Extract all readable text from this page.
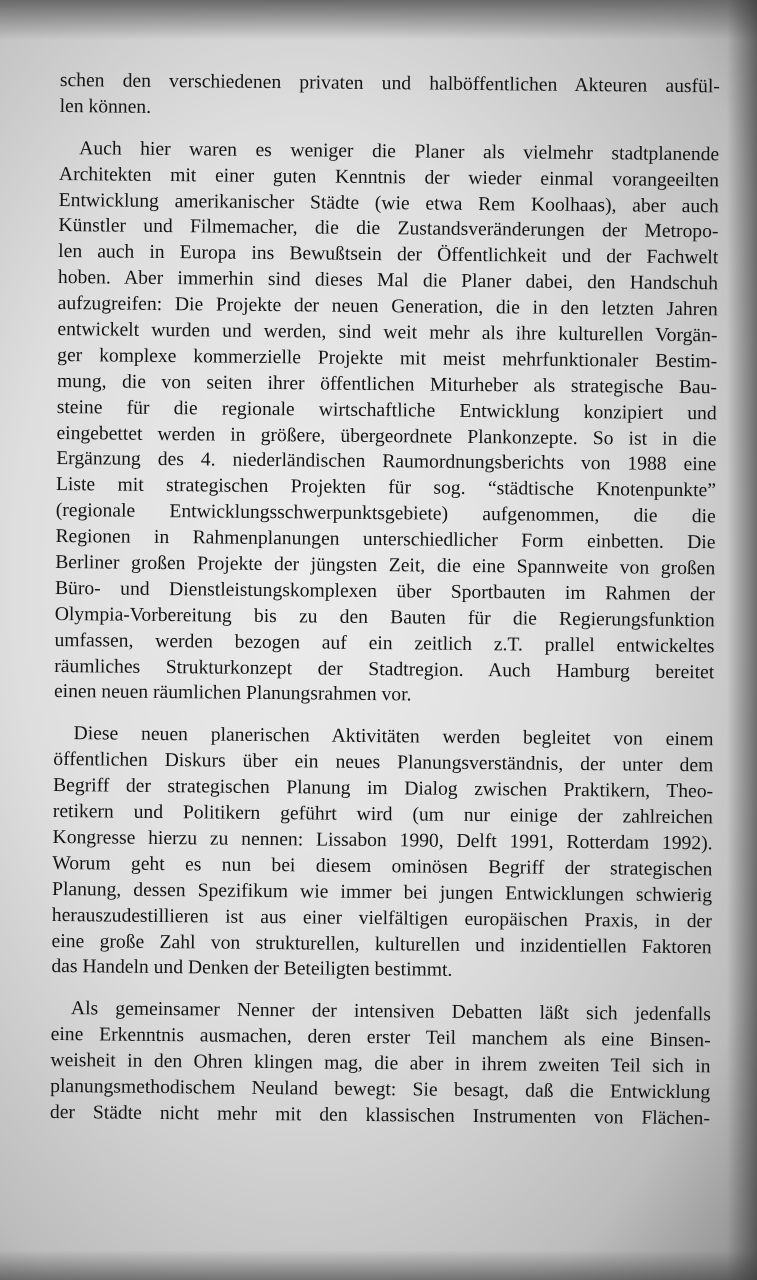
schen den verschiedenen privaten und halböffentlichen Akteuren ausfül-
len können.
Auch hier waren es weniger die Planer als vielmehr stadtplanende
Architekten mit einer guten Kenntnis der wieder einmal vorangeeilten
Entwicklung amerikanischer Städte (wie etwa Rem Koolhaas), aber auch
Künstler und Filmemacher, die die Zustandsveränderungen der Metropo-
len auch in Europa ins Bewußtsein der Öffentlichkeit und der Fachwelt
hoben. Aber immerhin sind dieses Mal die Planer dabei, den Handschuh
aufzugreifen: Die Projekte der neuen Generation, die in den letzten Jahren
entwickelt wurden und werden, sind weit mehr als ihre kulturellen Vorgän-
ger komplexe kommerzielle Projekte mit meist mehrfunktionaler Bestim-
mung, die von seiten ihrer öffentlichen Miturheber als strategische Bau-
steine für die regionale wirtschaftliche Entwicklung konzipiert und
eingebettet werden in größere, übergeordnete Plankonzepte. So ist in die
Ergänzung des 4. niederländischen Raumordnungsberichts von 1988 eine
Liste mit strategischen Projekten für sog. “städtische Knotenpunkte”
(regionale Entwicklungsschwerpunktsgebiete) aufgenommen, die die
Regionen in Rahmenplanungen unterschiedlicher Form einbetten. Die
Berliner großen Projekte der jüngsten Zeit, die eine Spannweite von großen
Büro- und Dienstleistungskomplexen über Sportbauten im Rahmen der
Olympia-Vorbereitung bis zu den Bauten für die Regierungsfunktion
umfassen, werden bezogen auf ein zeitlich z.T. prallel entwickeltes
räumliches Strukturkonzept der Stadtregion. Auch Hamburg bereitet
einen neuen räumlichen Planungsrahmen vor.
Diese neuen planerischen Aktivitäten werden begleitet von einem
öffentlichen Diskurs über ein neues Planungsverständnis, der unter dem
Begriff der strategischen Planung im Dialog zwischen Praktikern, Theo-
retikern und Politikern geführt wird (um nur einige der zahlreichen
Kongresse hierzu zu nennen: Lissabon 1990, Delft 1991, Rotterdam 1992).
Worum geht es nun bei diesem ominösen Begriff der strategischen
Planung, dessen Spezifikum wie immer bei jungen Entwicklungen schwierig
herauszudestillieren ist aus einer vielfältigen europäischen Praxis, in der
eine große Zahl von strukturellen, kulturellen und inzidentiellen Faktoren
das Handeln und Denken der Beteiligten bestimmt.
Als gemeinsamer Nenner der intensiven Debatten läßt sich jedenfalls
eine Erkenntnis ausmachen, deren erster Teil manchem als eine Binsen-
weisheit in den Ohren klingen mag, die aber in ihrem zweiten Teil sich in
planungsmethodischem Neuland bewegt: Sie besagt, daß die Entwicklung
der Städte nicht mehr mit den klassischen Instrumenten von Flächen-
